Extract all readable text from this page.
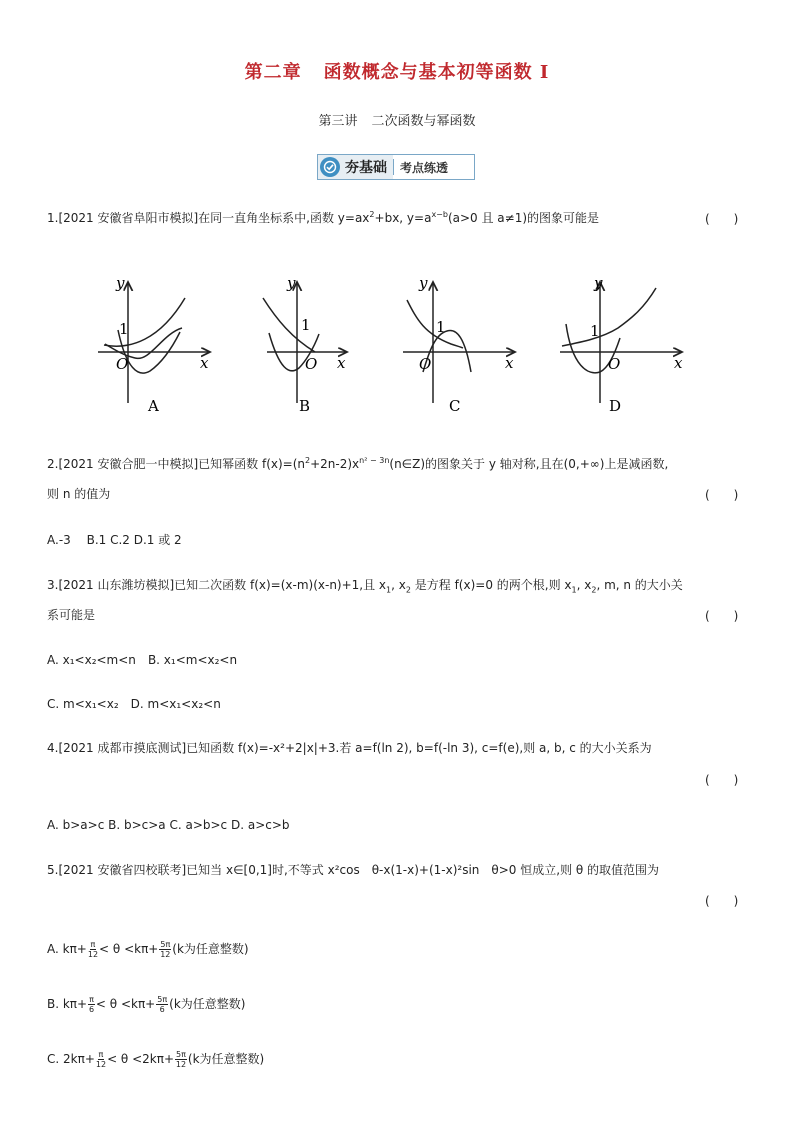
第二章 函数概念与基本初等函数 Ⅰ
第三讲 二次函数与幂函数
夯基础	考点练透
1.[2021 安徽省阜阳市模拟]在同一直角坐标系中,函数 $y=ax^2+bx$, $y=a^{x-b}(a>0$ 且 a≠1)的图象可能是	(　　)
y
x
O
1
A
y
x
O
1
B
y
x
O
1
C
y
x
O
1
D
2.[2021 安徽合肥一中模拟]已知幂函数 $f(x)=(n^2+2n-2)x^{n^2 - 3n}(n\in Z)$的图象关于 y 轴对称,且在(0,+∞)上是减函数,
则 n 的值为	(　　)
A.-3　 B.1 C.2 D.1 或 2
3.[2021 山东潍坊模拟]已知二次函数 f(x)=(x-m)(x-n)+1,且 $x_1$, $x_2$ 是方程 f(x)=0 的两个根,则 $x_1$, $x_2$, m, n 的大小关
系可能是	(　　)
A. x₁<x₂<m<n　 B. x₁<m<x₂<n
C. m<x₁<x₂　 D. m<x₁<x₂<n
4.[2021 成都市摸底测试]已知函数 f(x)=-x²+2|x|+3.若 a=f(ln 2), b=f(-ln 3), c=f(e),则 a, b, c 的大小关系为
(　　)
A. b>a>c B. b>c>a C. a>b>c D. a>c>b
5.[2021 安徽省四校联考]已知当 x∈[0,1]时,不等式 x²cos　θ-x(1-x)+(1-x)²sin　θ>0 恒成立,则 θ 的取值范围为
(　　)
A. $k\pi+ \frac{\pi}{12} < \theta <k\pi+ \frac{5\pi}{12} (k$为任意整数)
B. $k\pi+ \frac{\pi}{6} < \theta <k\pi+ \frac{5\pi}{6} (k$为任意整数)
C. $2k\pi+ \frac{\pi}{12} < \theta <2k\pi+ \frac{5\pi}{12} (k$为任意整数)
